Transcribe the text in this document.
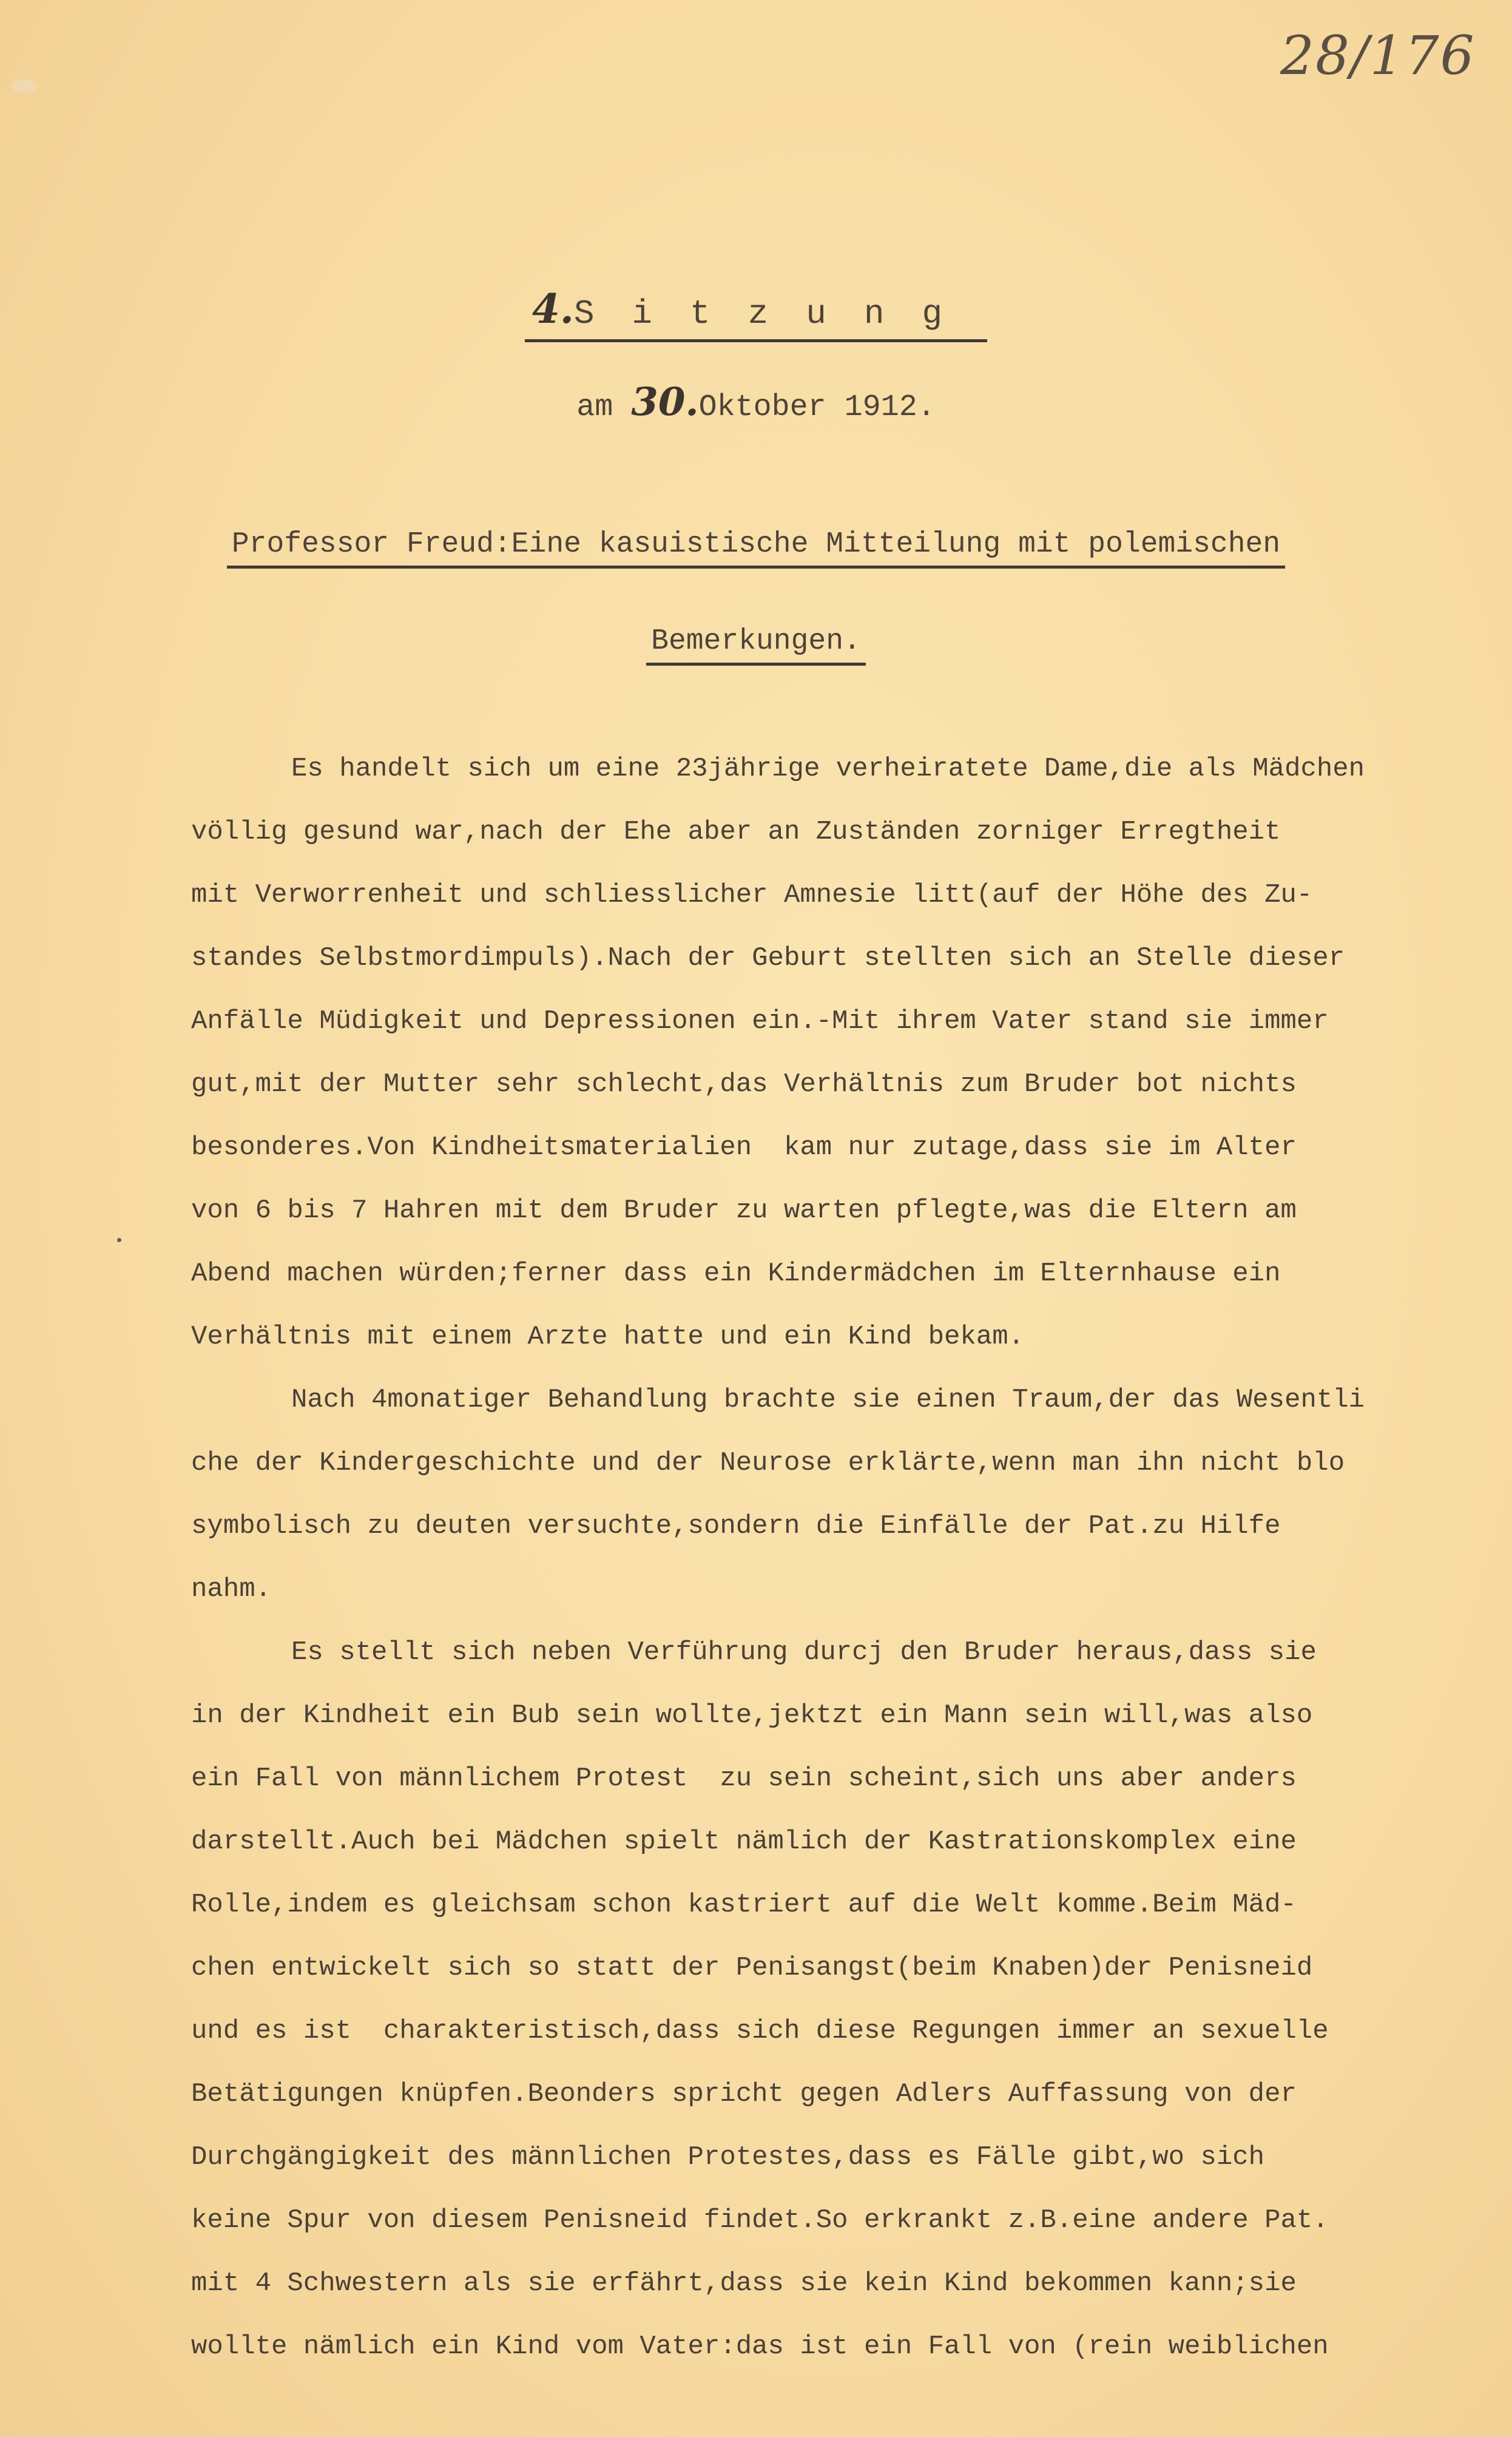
28/176
4.Sitzung
am 30.Oktober 1912.
Professor Freud:Eine kasuistische Mitteilung mit polemischen
Bemerkungen.

Es handelt sich um eine 23jährige verheiratete Dame,die als Mädchen

völlig gesund war,nach der Ehe aber an Zuständen zorniger Erregtheit

mit Verworrenheit und schliesslicher Amnesie litt(auf der Höhe des Zu-

standes Selbstmordimpuls).Nach der Geburt stellten sich an Stelle dieser

Anfälle Müdigkeit und Depressionen ein.-Mit ihrem Vater stand sie immer

gut,mit der Mutter sehr schlecht,das Verhältnis zum Bruder bot nichts

besonderes.Von Kindheitsmaterialien  kam nur zutage,dass sie im Alter

von 6 bis 7 Hahren mit dem Bruder zu warten pflegte,was die Eltern am

Abend machen würden;ferner dass ein Kindermädchen im Elternhause ein

Verhältnis mit einem Arzte hatte und ein Kind bekam.

Nach 4monatiger Behandlung brachte sie einen Traum,der das Wesentli

che der Kindergeschichte und der Neurose erklärte,wenn man ihn nicht blo

symbolisch zu deuten versuchte,sondern die Einfälle der Pat.zu Hilfe

nahm.

Es stellt sich neben Verführung durcj den Bruder heraus,dass sie

in der Kindheit ein Bub sein wollte,jektzt ein Mann sein will,was also

ein Fall von männlichem Protest  zu sein scheint,sich uns aber anders

darstellt.Auch bei Mädchen spielt nämlich der Kastrationskomplex eine

Rolle,indem es gleichsam schon kastriert auf die Welt komme.Beim Mäd-

chen entwickelt sich so statt der Penisangst(beim Knaben)der Penisneid

und es ist  charakteristisch,dass sich diese Regungen immer an sexuelle

Betätigungen knüpfen.Beonders spricht gegen Adlers Auffassung von der

Durchgängigkeit des männlichen Protestes,dass es Fälle gibt,wo sich

keine Spur von diesem Penisneid findet.So erkrankt z.B.eine andere Pat.

mit 4 Schwestern als sie erfährt,dass sie kein Kind bekommen kann;sie

wollte nämlich ein Kind vom Vater:das ist ein Fall von (rein weiblichen
